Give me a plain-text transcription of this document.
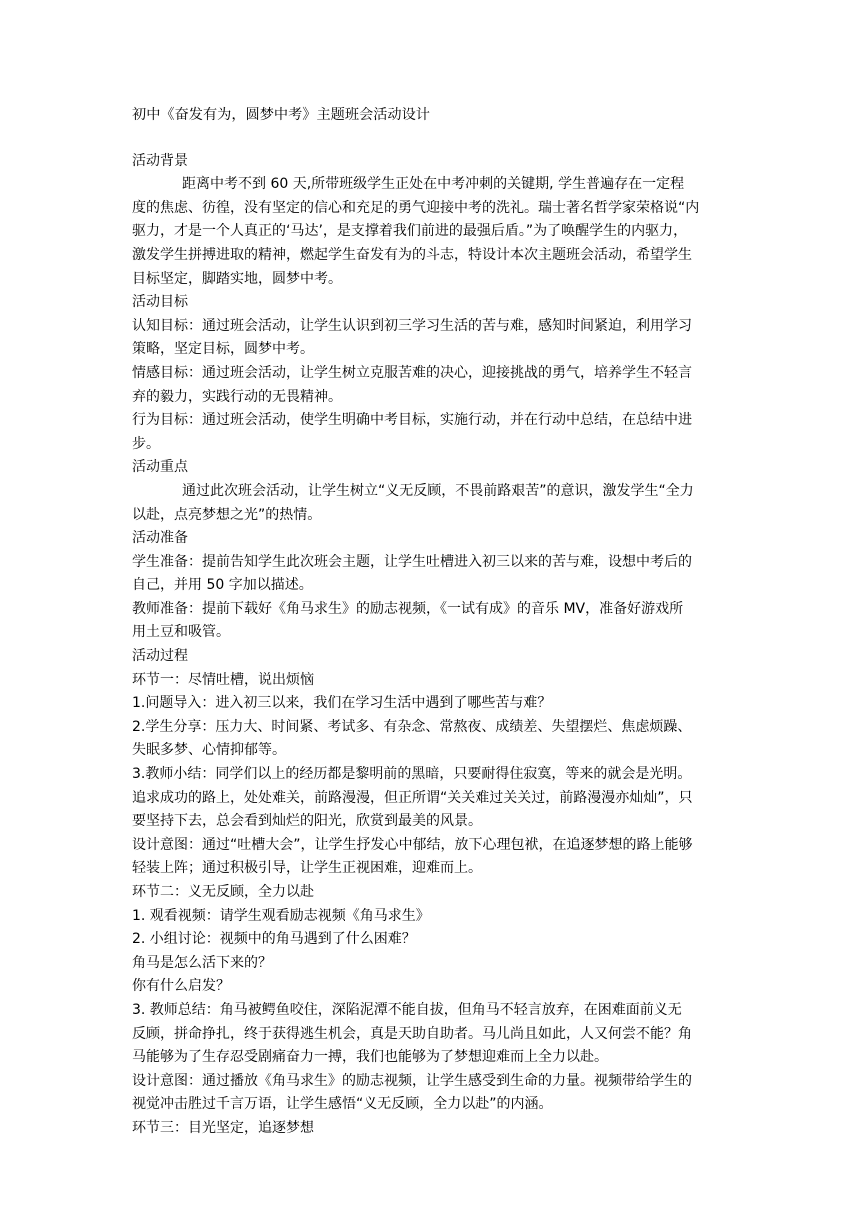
初中《奋发有为，圆梦中考》主题班会活动设计

活动背景

距离中考不到 60 天,所带班级学生正处在中考冲刺的关键期, 学生普遍存在一定程

度的焦虑、彷徨，没有坚定的信心和充足的勇气迎接中考的洗礼。瑞士著名哲学家荣格说“内

驱力，才是一个人真正的‘马达’，是支撑着我们前进的最强后盾。”为了唤醒学生的内驱力，

激发学生拼搏进取的精神，燃起学生奋发有为的斗志，特设计本次主题班会活动，希望学生

目标坚定，脚踏实地，圆梦中考。

活动目标

认知目标：通过班会活动，让学生认识到初三学习生活的苦与难，感知时间紧迫，利用学习

策略，坚定目标，圆梦中考。

情感目标：通过班会活动，让学生树立克服苦难的决心，迎接挑战的勇气，培养学生不轻言

弃的毅力，实践行动的无畏精神。

行为目标：通过班会活动，使学生明确中考目标，实施行动，并在行动中总结，在总结中进

步。

活动重点

通过此次班会活动，让学生树立“义无反顾，不畏前路艰苦”的意识，激发学生“全力

以赴，点亮梦想之光”的热情。

活动准备

学生准备：提前告知学生此次班会主题，让学生吐槽进入初三以来的苦与难，设想中考后的

自己，并用 50 字加以描述。

教师准备：提前下载好《角马求生》的励志视频，《一试有成》的音乐 MV，准备好游戏所

用土豆和吸管。

活动过程

环节一：尽情吐槽，说出烦恼

1.问题导入：进入初三以来，我们在学习生活中遇到了哪些苦与难？

2.学生分享：压力大、时间紧、考试多、有杂念、常熬夜、成绩差、失望摆烂、焦虑烦躁、

失眠多梦、心情抑郁等。

3.教师小结：同学们以上的经历都是黎明前的黑暗，只要耐得住寂寞，等来的就会是光明。

追求成功的路上，处处难关，前路漫漫，但正所谓“关关难过关关过，前路漫漫亦灿灿”，只

要坚持下去，总会看到灿烂的阳光，欣赏到最美的风景。

设计意图：通过“吐槽大会”，让学生抒发心中郁结，放下心理包袱，在追逐梦想的路上能够

轻装上阵；通过积极引导，让学生正视困难，迎难而上。

环节二：义无反顾，全力以赴

1. 观看视频：请学生观看励志视频《角马求生》

2. 小组讨论：视频中的角马遇到了什么困难？

角马是怎么活下来的？

你有什么启发？

3. 教师总结：角马被鳄鱼咬住，深陷泥潭不能自拔，但角马不轻言放弃，在困难面前义无

反顾，拼命挣扎，终于获得逃生机会，真是天助自助者。马儿尚且如此，人又何尝不能？角

马能够为了生存忍受剧痛奋力一搏，我们也能够为了梦想迎难而上全力以赴。

设计意图：通过播放《角马求生》的励志视频，让学生感受到生命的力量。视频带给学生的

视觉冲击胜过千言万语，让学生感悟“义无反顾，全力以赴”的内涵。

环节三：目光坚定，追逐梦想
